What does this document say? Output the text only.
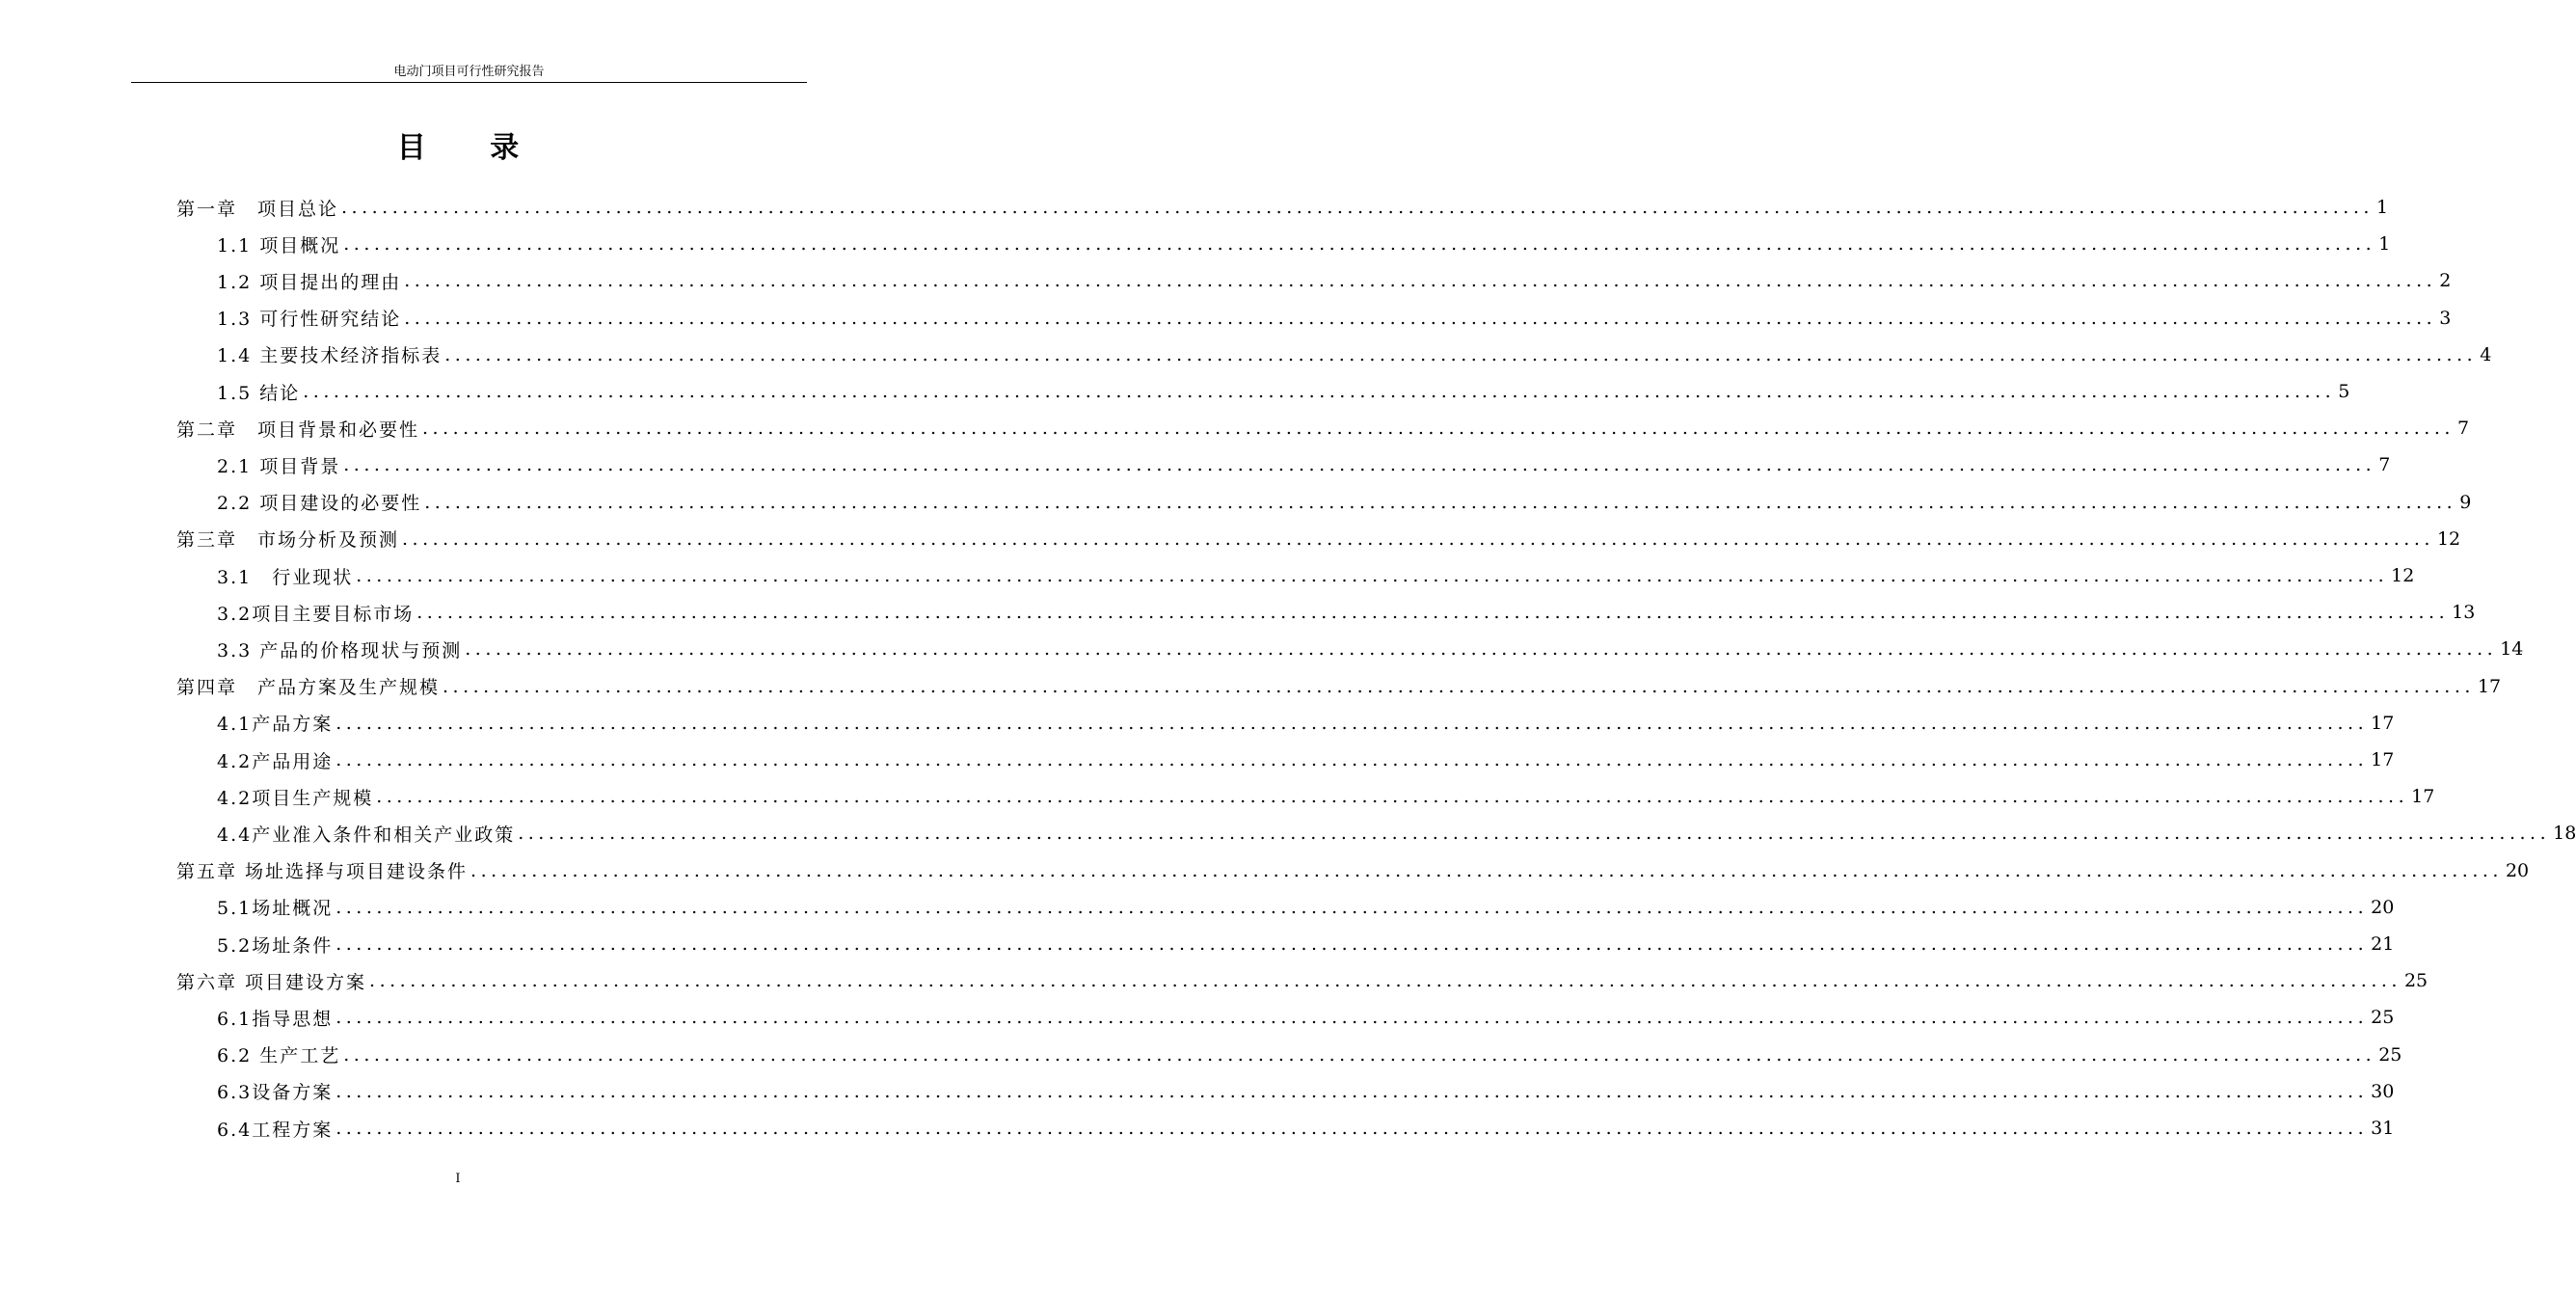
电动门项目可行性研究报告
目 录
第一章　项目总论 ........................................................................................................................................................................................................ 1
1.1 项目概况 ........................................................................................................................................................................................................ 1
1.2 项目提出的理由 ........................................................................................................................................................................................................ 2
1.3 可行性研究结论 ........................................................................................................................................................................................................ 3
1.4 主要技术经济指标表 ........................................................................................................................................................................................................ 4
1.5 结论 ........................................................................................................................................................................................................ 5
第二章　项目背景和必要性 ........................................................................................................................................................................................................ 7
2.1 项目背景 ........................................................................................................................................................................................................ 7
2.2 项目建设的必要性 ........................................................................................................................................................................................................ 9
第三章　市场分析及预测 ........................................................................................................................................................................................................ 12
3.1　行业现状 ........................................................................................................................................................................................................ 12
3.2项目主要目标市场 ........................................................................................................................................................................................................ 13
3.3 产品的价格现状与预测 ........................................................................................................................................................................................................ 14
第四章　产品方案及生产规模 ........................................................................................................................................................................................................ 17
4.1产品方案 ........................................................................................................................................................................................................ 17
4.2产品用途 ........................................................................................................................................................................................................ 17
4.2项目生产规模 ........................................................................................................................................................................................................ 17
4.4产业准入条件和相关产业政策 ........................................................................................................................................................................................................ 18
第五章 场址选择与项目建设条件 ........................................................................................................................................................................................................ 20
5.1场址概况 ........................................................................................................................................................................................................ 20
5.2场址条件 ........................................................................................................................................................................................................ 21
第六章 项目建设方案 ........................................................................................................................................................................................................ 25
6.1指导思想 ........................................................................................................................................................................................................ 25
6.2 生产工艺 ........................................................................................................................................................................................................ 25
6.3设备方案 ........................................................................................................................................................................................................ 30
6.4工程方案 ........................................................................................................................................................................................................ 31
I
